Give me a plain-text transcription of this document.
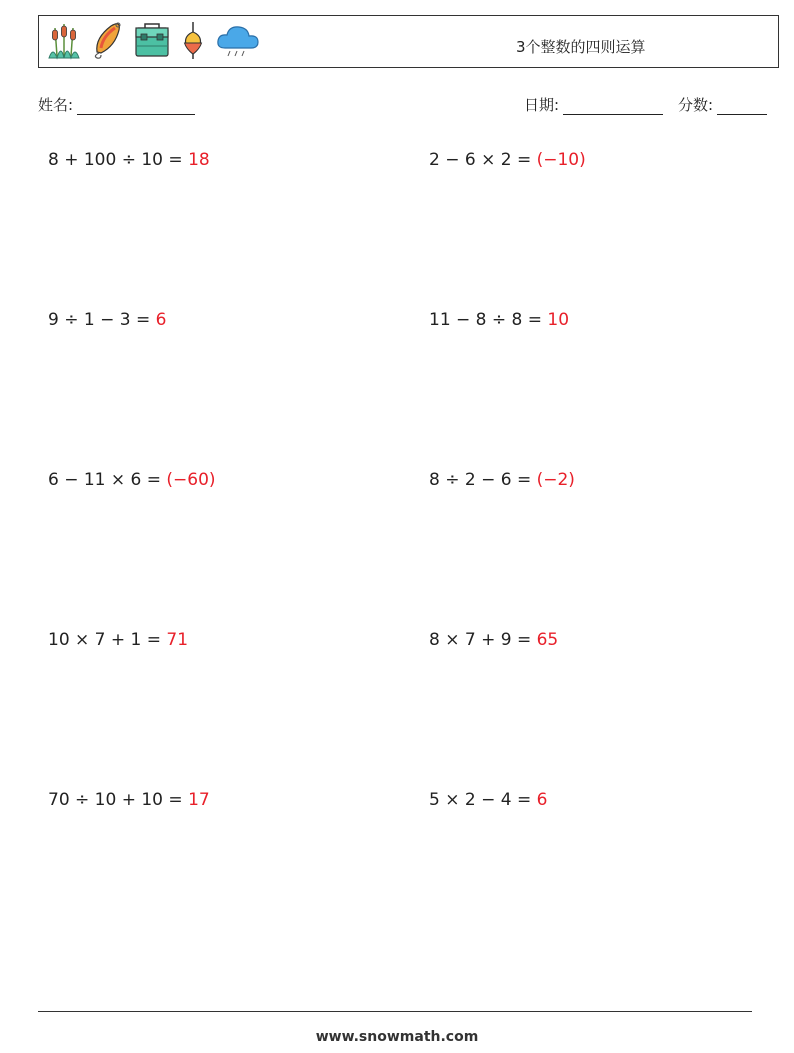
3个整数的四则运算
姓名:	日期:	分数:
8 + 100 ÷ 10 = 18	2 − 6 × 2 = (−10)
9 ÷ 1 − 3 = 6	11 − 8 ÷ 8 = 10
6 − 11 × 6 = (−60)	8 ÷ 2 − 6 = (−2)
10 × 7 + 1 = 71	8 × 7 + 9 = 65
70 ÷ 10 + 10 = 17	5 × 2 − 4 = 6
www.snowmath.com
